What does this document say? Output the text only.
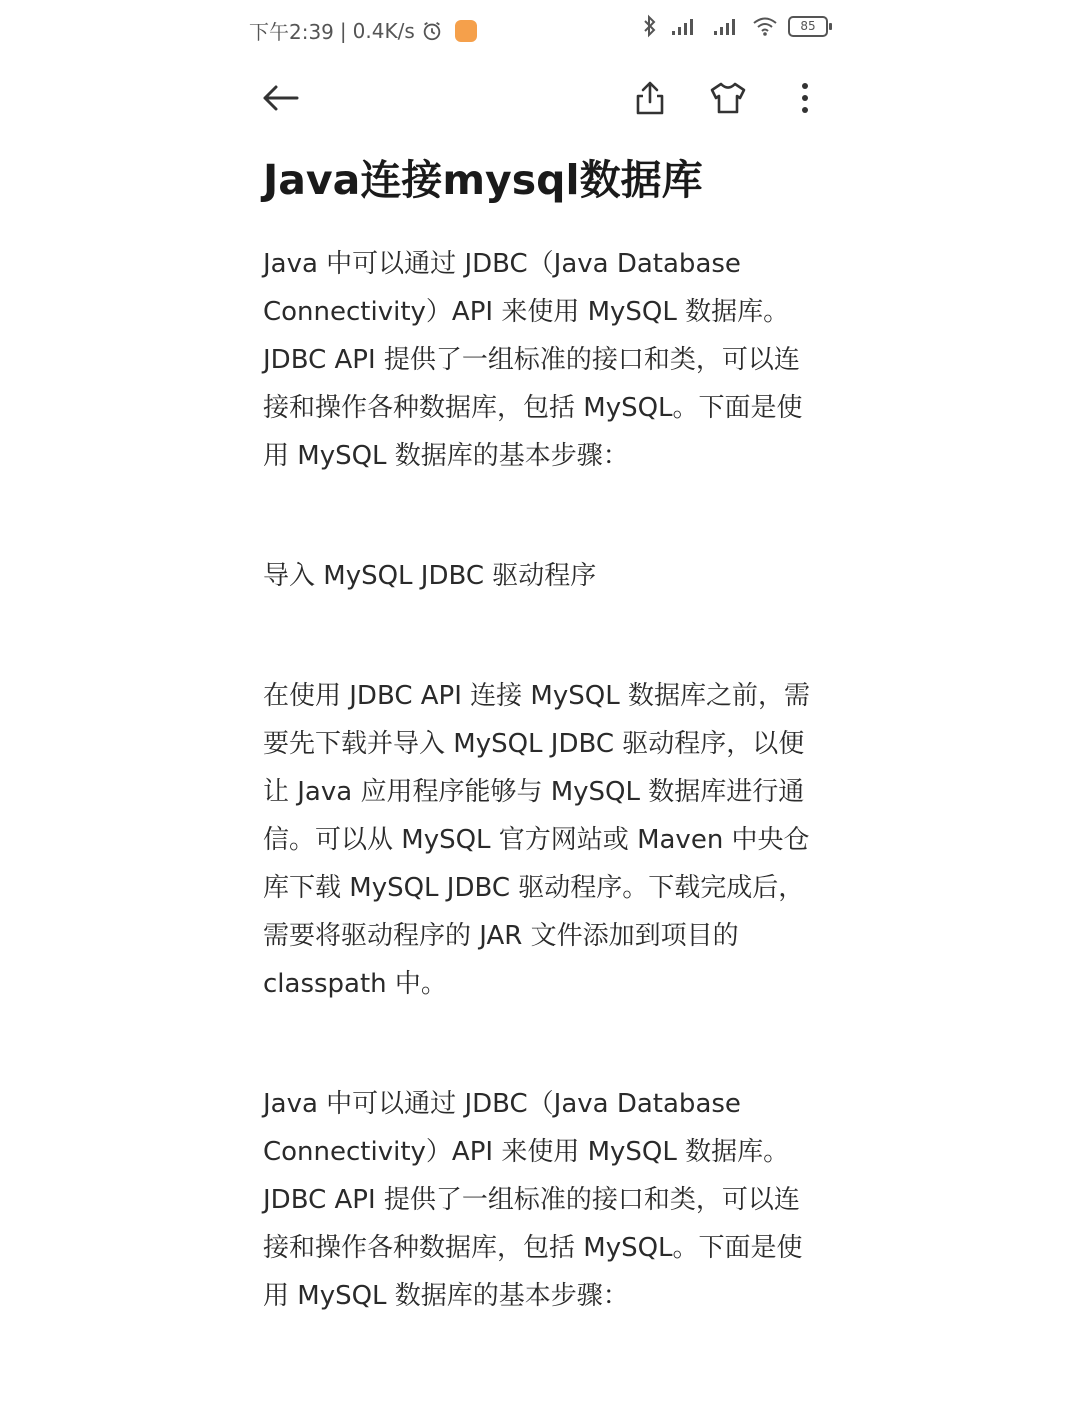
下午2:39 | 0.4K/s	85
Java连接mysql数据库

Java 中可以通过 JDBC（Java Database Connectivity）API 来使用 MySQL 数据库。JDBC API 提供了一组标准的接口和类，可以连接和操作各种数据库，包括 MySQL。下面是使用 MySQL 数据库的基本步骤：

导入 MySQL JDBC 驱动程序

在使用 JDBC API 连接 MySQL 数据库之前，需要先下载并导入 MySQL JDBC 驱动程序，以便让 Java 应用程序能够与 MySQL 数据库进行通信。可以从 MySQL 官方网站或 Maven 中央仓库下载 MySQL JDBC 驱动程序。下载完成后，需要将驱动程序的 JAR 文件添加到项目的 classpath 中。

Java 中可以通过 JDBC（Java Database Connectivity）API 来使用 MySQL 数据库。JDBC API 提供了一组标准的接口和类，可以连接和操作各种数据库，包括 MySQL。下面是使用 MySQL 数据库的基本步骤：
